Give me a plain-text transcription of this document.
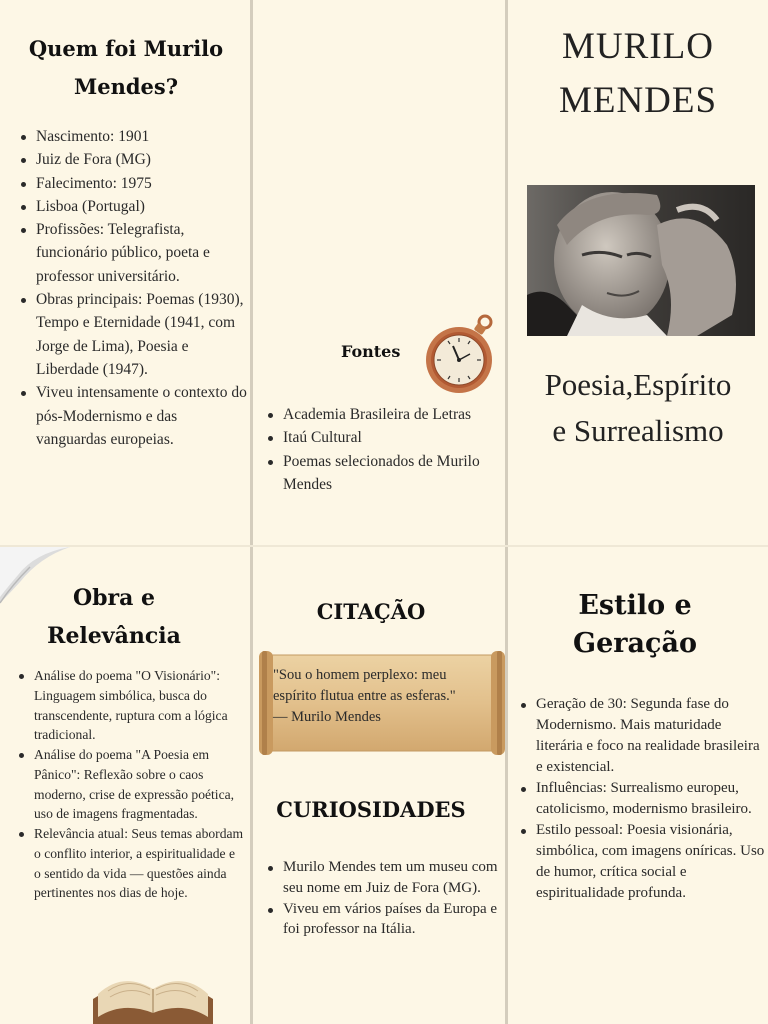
Quem foi Murilo Mendes?
Nascimento: 1901
Juiz de Fora (MG)
Falecimento: 1975
Lisboa (Portugal)
Profissões: Telegrafista, funcionário público, poeta e professor universitário.
Obras principais: Poemas (1930), Tempo e Eternidade (1941, com Jorge de Lima), Poesia e Liberdade (1947).
Viveu intensamente o contexto do pós-Modernismo e das vanguardas europeias.
Fontes
Academia Brasileira de Letras
Itaú Cultural
Poemas selecionados de Murilo Mendes
MURILO
MENDES
Poesia,Espírito
e Surrealismo
Obra e
Relevância
Análise do poema "O Visionário": Linguagem simbólica, busca do transcendente, ruptura com a lógica tradicional.
Análise do poema "A Poesia em Pânico": Reflexão sobre o caos moderno, crise de expressão poética, uso de imagens fragmentadas.
Relevância atual: Seus temas abordam o conflito interior, a espiritualidade e o sentido da vida — questões ainda pertinentes nos dias de hoje.
CITAÇÃO
"Sou o homem perplexo: meu espírito flutua entre as esferas."
— Murilo Mendes
CURIOSIDADES
Murilo Mendes tem um museu com seu nome em Juiz de Fora (MG).
Viveu em vários países da Europa e foi professor na Itália.
Estilo e
Geração
Geração de 30: Segunda fase do Modernismo. Mais maturidade literária e foco na realidade brasileira e existencial.
Influências: Surrealismo europeu, catolicismo, modernismo brasileiro.
Estilo pessoal: Poesia visionária, simbólica, com imagens oníricas. Uso de humor, crítica social e espiritualidade profunda.
